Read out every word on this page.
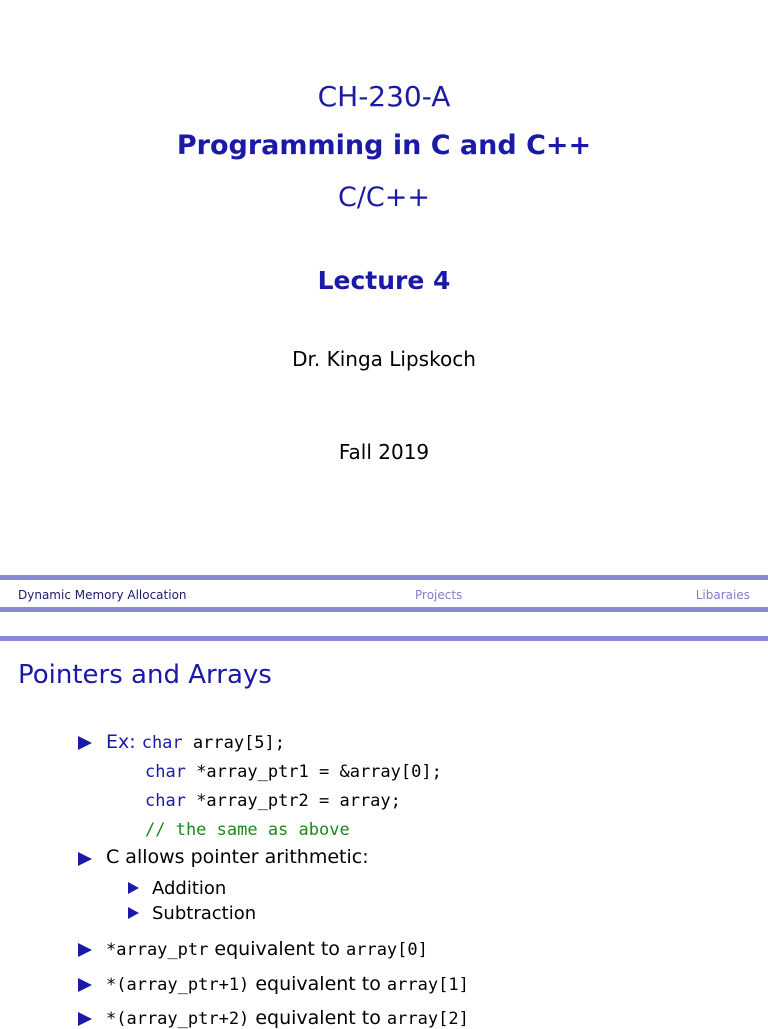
CH-230-A
Programming in C and C++
C/C++
Lecture 4
Dr. Kinga Lipskoch
Fall 2019
Dynamic Memory Allocation	Projects	Libaraies
Pointers and Arrays
Ex: char array[5];
char *array_ptr1 = &array[0];
char *array_ptr2 = array;
// the same as above
C allows pointer arithmetic:
Addition
Subtraction
*array_ptr equivalent to array[0]
*(array_ptr+1) equivalent to array[1]
*(array_ptr+2) equivalent to array[2]
